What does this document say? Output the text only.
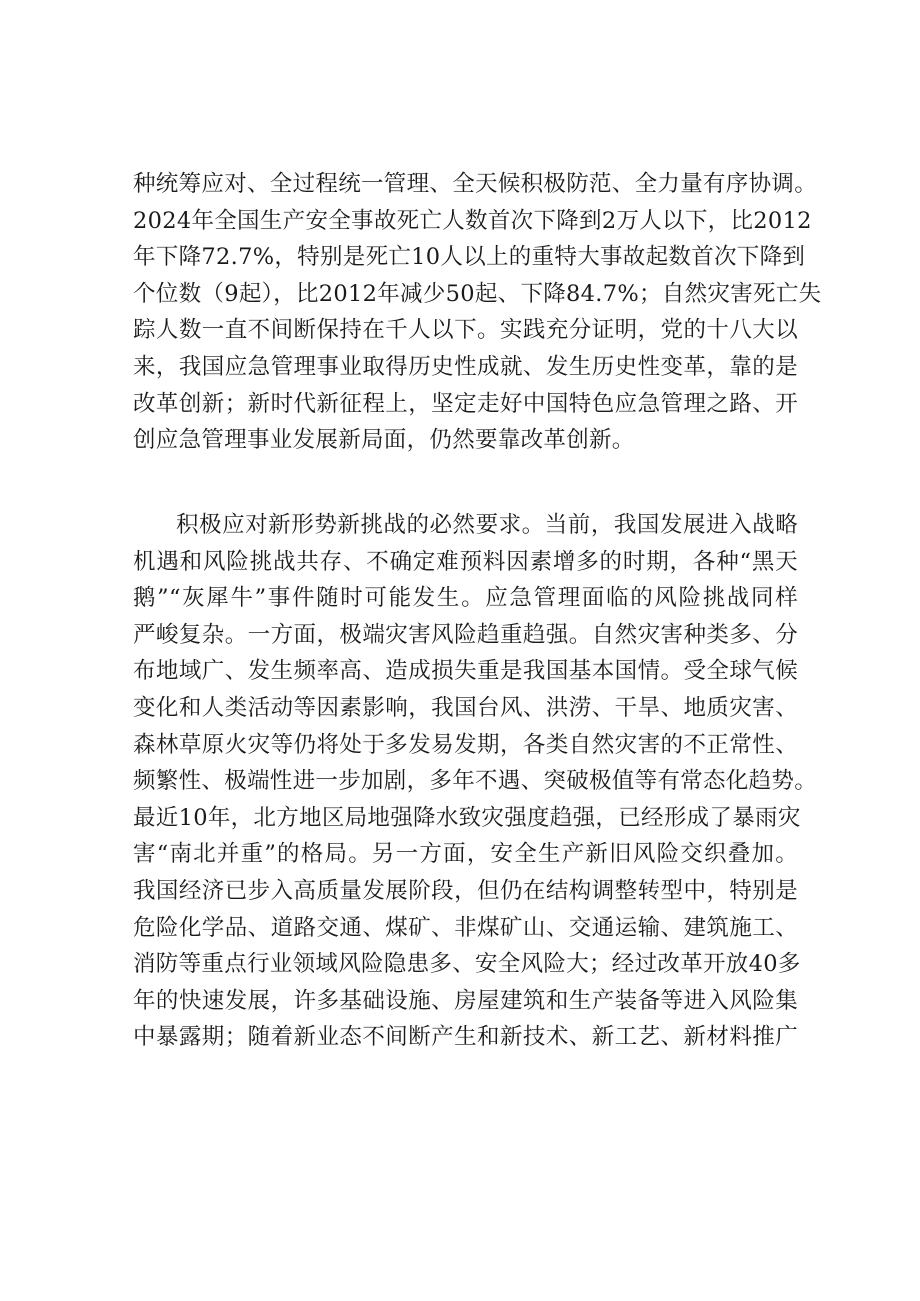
种统筹应对、全过程统一管理、全天候积极防范、全力量有序协调。
2024年全国生产安全事故死亡人数首次下降到2万人以下，比2012
年下降72.7%，特别是死亡10人以上的重特大事故起数首次下降到
个位数（9起），比2012年减少50起、下降84.7%；自然灾害死亡失
踪人数一直不间断保持在千人以下。实践充分证明，党的十八大以
来，我国应急管理事业取得历史性成就、发生历史性变革，靠的是
改革创新；新时代新征程上，坚定走好中国特色应急管理之路、开
创应急管理事业发展新局面，仍然要靠改革创新。
积极应对新形势新挑战的必然要求。当前，我国发展进入战略
机遇和风险挑战共存、不确定难预料因素增多的时期，各种“黑天
鹅”“灰犀牛”事件随时可能发生。应急管理面临的风险挑战同样
严峻复杂。一方面，极端灾害风险趋重趋强。自然灾害种类多、分
布地域广、发生频率高、造成损失重是我国基本国情。受全球气候
变化和人类活动等因素影响，我国台风、洪涝、干旱、地质灾害、
森林草原火灾等仍将处于多发易发期，各类自然灾害的不正常性、
频繁性、极端性进一步加剧，多年不遇、突破极值等有常态化趋势。
最近10年，北方地区局地强降水致灾强度趋强，已经形成了暴雨灾
害“南北并重”的格局。另一方面，安全生产新旧风险交织叠加。
我国经济已步入高质量发展阶段，但仍在结构调整转型中，特别是
危险化学品、道路交通、煤矿、非煤矿山、交通运输、建筑施工、
消防等重点行业领域风险隐患多、安全风险大；经过改革开放40多
年的快速发展，许多基础设施、房屋建筑和生产装备等进入风险集
中暴露期；随着新业态不间断产生和新技术、新工艺、新材料推广
